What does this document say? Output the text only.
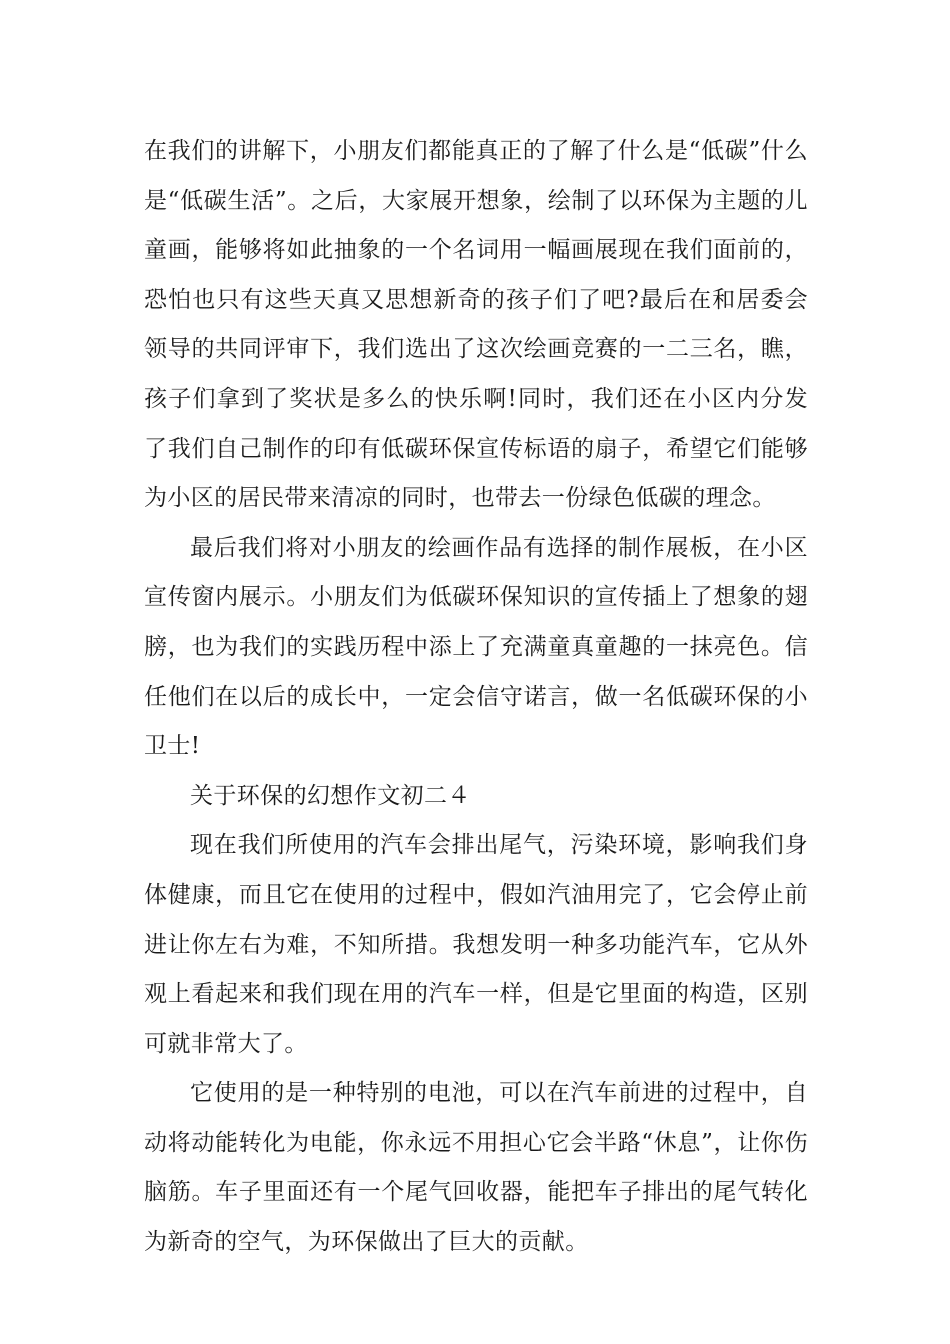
在我们的讲解下，小朋友们都能真正的了解了什么是“低碳”什么是“低碳生活”。之后，大家展开想象，绘制了以环保为主题的儿童画，能够将如此抽象的一个名词用一幅画展现在我们面前的，恐怕也只有这些天真又思想新奇的孩子们了吧?最后在和居委会领导的共同评审下，我们选出了这次绘画竞赛的一二三名，瞧，孩子们拿到了奖状是多么的快乐啊!同时，我们还在小区内分发了我们自己制作的印有低碳环保宣传标语的扇子，希望它们能够为小区的居民带来清凉的同时，也带去一份绿色低碳的理念。

最后我们将对小朋友的绘画作品有选择的制作展板，在小区宣传窗内展示。小朋友们为低碳环保知识的宣传插上了想象的翅膀，也为我们的实践历程中添上了充满童真童趣的一抹亮色。信任他们在以后的成长中，一定会信守诺言，做一名低碳环保的小卫士!

关于环保的幻想作文初二４

现在我们所使用的汽车会排出尾气，污染环境，影响我们身体健康，而且它在使用的过程中，假如汽油用完了，它会停止前进让你左右为难，不知所措。我想发明一种多功能汽车，它从外观上看起来和我们现在用的汽车一样，但是它里面的构造，区别可就非常大了。

它使用的是一种特别的电池，可以在汽车前进的过程中，自动将动能转化为电能，你永远不用担心它会半路“休息”，让你伤脑筋。车子里面还有一个尾气回收器，能把车子排出的尾气转化为新奇的空气，为环保做出了巨大的贡献。
